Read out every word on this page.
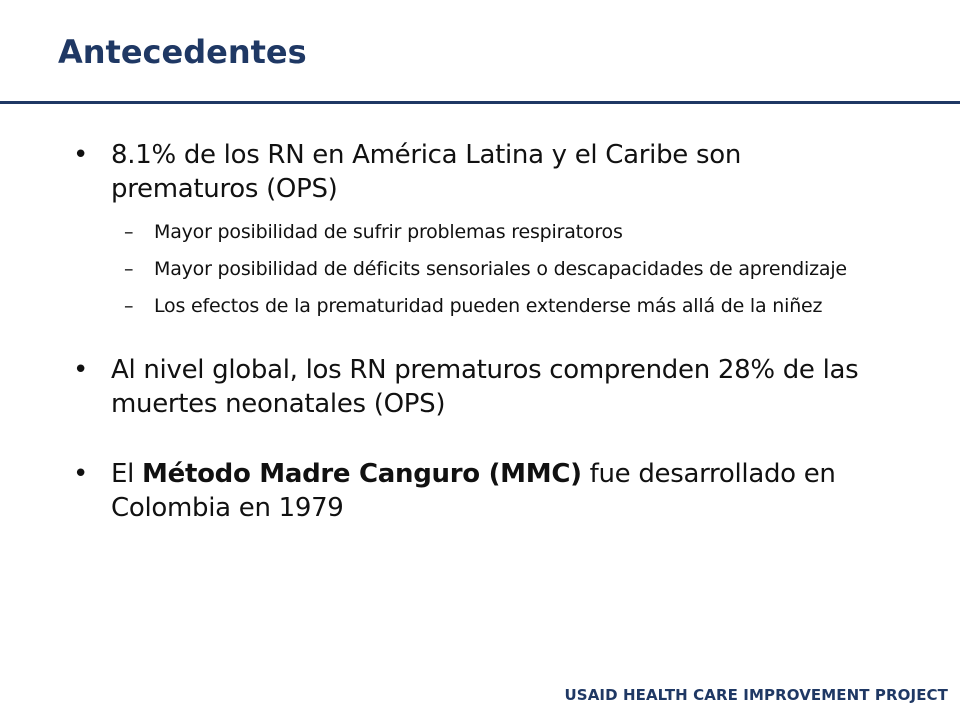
Antecedentes
• 8.1% de los RN en América Latina y el Caribe son prematuros (OPS)
– Mayor posibilidad de sufrir problemas respiratoros
– Mayor posibilidad de déficits sensoriales o descapacidades de aprendizaje
– Los efectos de la prematuridad pueden extenderse más allá de la niñez
• Al nivel global, los RN prematuros comprenden 28% de las muertes neonatales (OPS)
• El Método Madre Canguro (MMC) fue desarrollado en Colombia en 1979
USAID HEALTH CARE IMPROVEMENT PROJECT
